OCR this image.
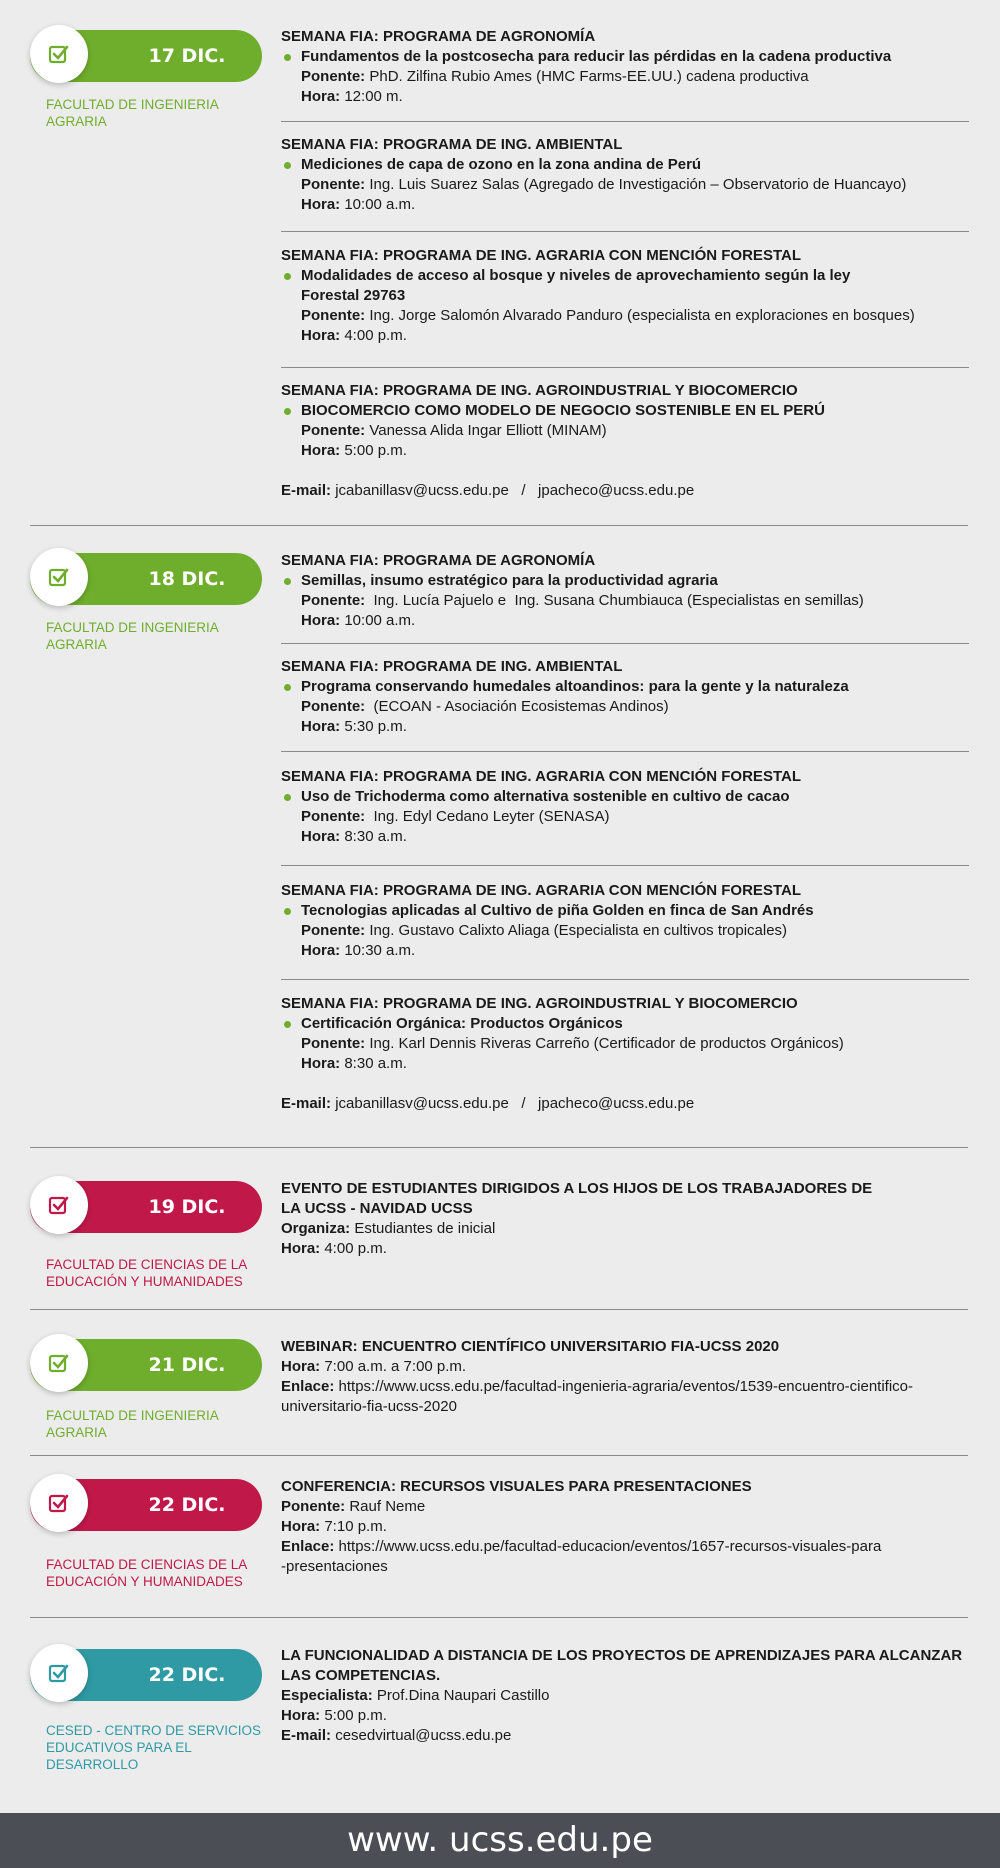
17 DIC.
FACULTAD DE INGENIERIA
AGRARIA
SEMANA FIA: PROGRAMA DE AGRONOMÍA
Fundamentos de la postcosecha para reducir las pérdidas en la cadena productiva
Ponente: PhD. Zilfina Rubio Ames (HMC Farms-EE.UU.) cadena productiva
Hora: 12:00 m.
SEMANA FIA: PROGRAMA DE ING. AMBIENTAL
Mediciones de capa de ozono en la zona andina de Perú
Ponente: Ing. Luis Suarez Salas (Agregado de Investigación – Observatorio de Huancayo)
Hora: 10:00 a.m.
SEMANA FIA: PROGRAMA DE ING. AGRARIA CON MENCIÓN FORESTAL
Modalidades de acceso al bosque y niveles de aprovechamiento según la ley
Forestal 29763
Ponente: Ing. Jorge Salomón Alvarado Panduro (especialista en exploraciones en bosques)
Hora: 4:00 p.m.
SEMANA FIA: PROGRAMA DE ING. AGROINDUSTRIAL Y BIOCOMERCIO
BIOCOMERCIO COMO MODELO DE NEGOCIO SOSTENIBLE EN EL PERÚ
Ponente: Vanessa Alida Ingar Elliott (MINAM)
Hora: 5:00 p.m.
E-mail: jcabanillasv@ucss.edu.pe   /   jpacheco@ucss.edu.pe
18 DIC.
FACULTAD DE INGENIERIA
AGRARIA
SEMANA FIA: PROGRAMA DE AGRONOMÍA
Semillas, insumo estratégico para la productividad agraria
Ponente:  Ing. Lucía Pajuelo e  Ing. Susana Chumbiauca (Especialistas en semillas)
Hora: 10:00 a.m.
SEMANA FIA: PROGRAMA DE ING. AMBIENTAL
Programa conservando humedales altoandinos: para la gente y la naturaleza
Ponente:  (ECOAN - Asociación Ecosistemas Andinos)
Hora: 5:30 p.m.
SEMANA FIA: PROGRAMA DE ING. AGRARIA CON MENCIÓN FORESTAL
Uso de Trichoderma como alternativa sostenible en cultivo de cacao
Ponente:  Ing. Edyl Cedano Leyter (SENASA)
Hora: 8:30 a.m.
SEMANA FIA: PROGRAMA DE ING. AGRARIA CON MENCIÓN FORESTAL
Tecnologias aplicadas al Cultivo de piña Golden en finca de San Andrés
Ponente: Ing. Gustavo Calixto Aliaga (Especialista en cultivos tropicales)
Hora: 10:30 a.m.
SEMANA FIA: PROGRAMA DE ING. AGROINDUSTRIAL Y BIOCOMERCIO
Certificación Orgánica: Productos Orgánicos
Ponente: Ing. Karl Dennis Riveras Carreño (Certificador de productos Orgánicos)
Hora: 8:30 a.m.
E-mail: jcabanillasv@ucss.edu.pe   /   jpacheco@ucss.edu.pe
19 DIC.
FACULTAD DE CIENCIAS DE LA
EDUCACIÓN Y HUMANIDADES
EVENTO DE ESTUDIANTES DIRIGIDOS A LOS HIJOS DE LOS TRABAJADORES DE
LA UCSS - NAVIDAD UCSS
Organiza: Estudiantes de inicial
Hora: 4:00 p.m.
21 DIC.
FACULTAD DE INGENIERIA
AGRARIA
WEBINAR: ENCUENTRO CIENTÍFICO UNIVERSITARIO FIA-UCSS 2020
Hora: 7:00 a.m. a 7:00 p.m.
Enlace: https://www.ucss.edu.pe/facultad-ingenieria-agraria/eventos/1539-encuentro-cientifico-
universitario-fia-ucss-2020
22 DIC.
FACULTAD DE CIENCIAS DE LA
EDUCACIÓN Y HUMANIDADES
CONFERENCIA: RECURSOS VISUALES PARA PRESENTACIONES
Ponente: Rauf Neme
Hora: 7:10 p.m.
Enlace: https://www.ucss.edu.pe/facultad-educacion/eventos/1657-recursos-visuales-para
-presentaciones
22 DIC.
CESED - CENTRO DE SERVICIOS
EDUCATIVOS PARA EL DESARROLLO
LA FUNCIONALIDAD A DISTANCIA DE LOS PROYECTOS DE APRENDIZAJES PARA ALCANZAR
LAS COMPETENCIAS.
Especialista: Prof.Dina Naupari Castillo
Hora: 5:00 p.m.
E-mail: cesedvirtual@ucss.edu.pe
www. ucss.edu.pe
